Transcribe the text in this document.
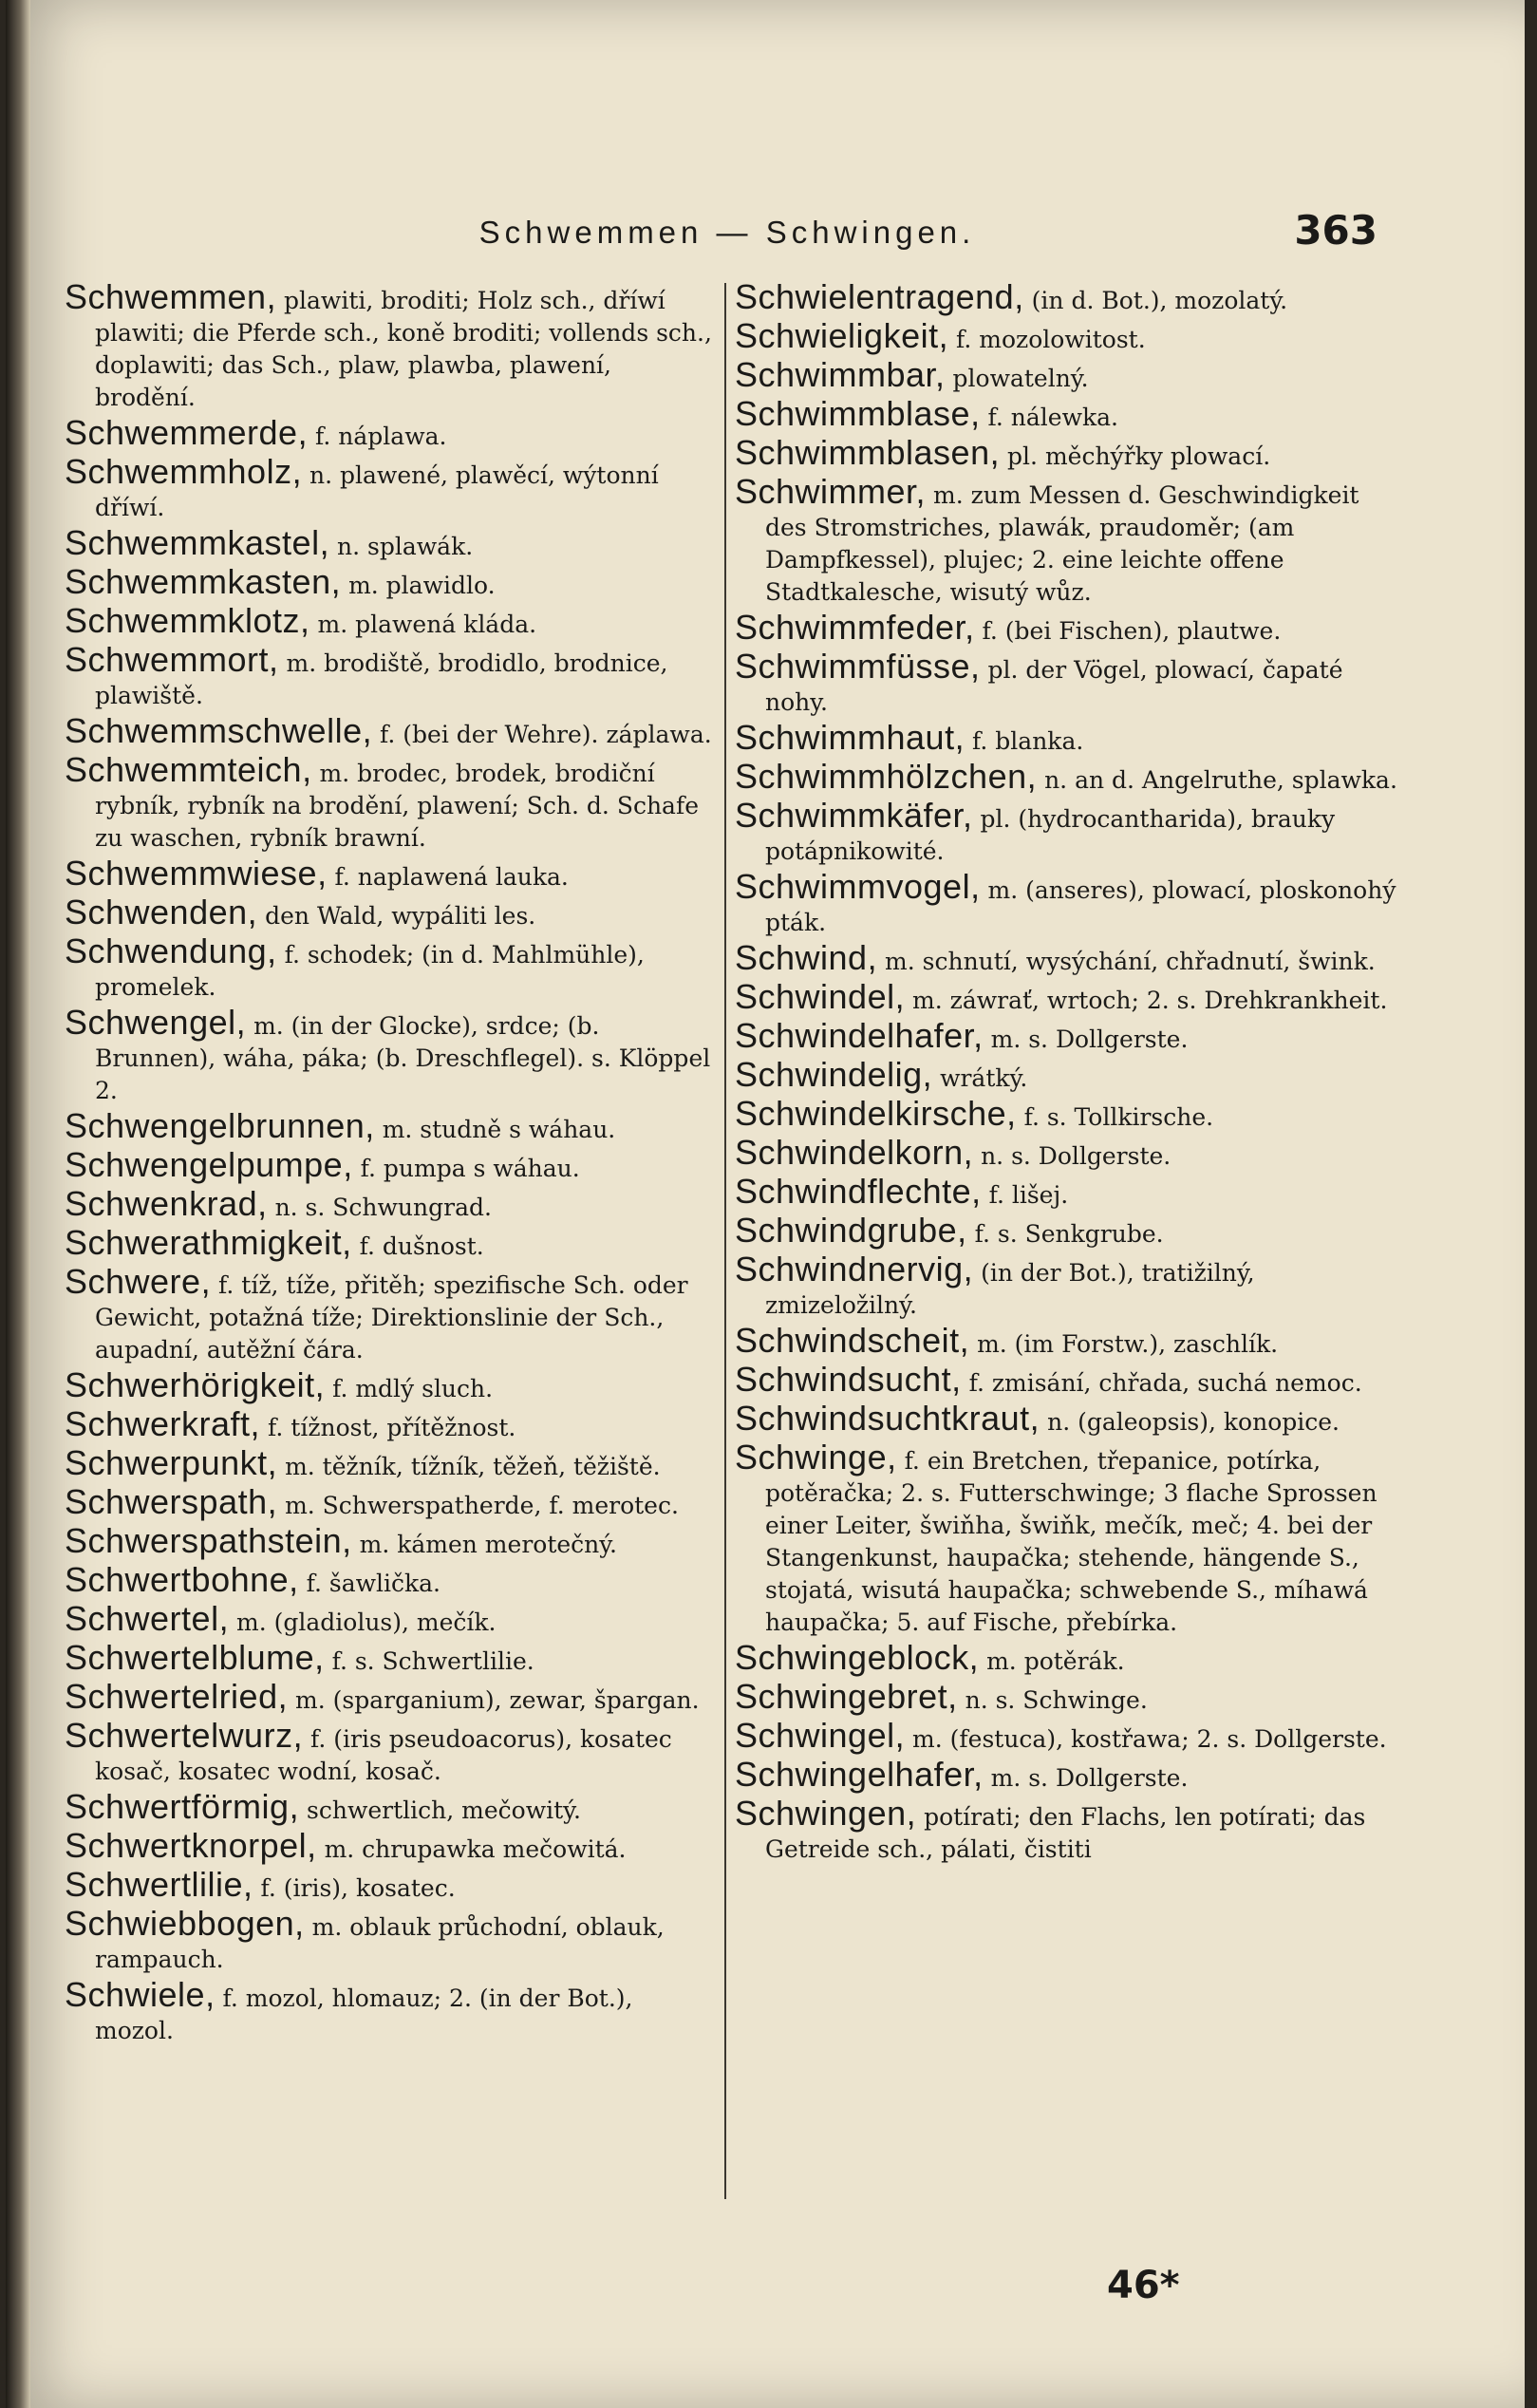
Schwemmen — Schwingen.	363
Schwemmen, plawiti, broditi; Holz sch., dříwí plawiti; die Pferde sch., koně broditi; vollends sch., doplawiti; das Sch., plaw, plawba, plawení, brodění.
Schwemmerde, f. náplawa.
Schwemmholz, n. plawené, plawěcí, wýtonní dříwí.
Schwemmkastel, n. splawák.
Schwemmkasten, m. plawidlo.
Schwemmklotz, m. plawená kláda.
Schwemmort, m. brodiště, brodidlo, brodnice, plawiště.
Schwemmschwelle, f. (bei der Wehre). záplawa.
Schwemmteich, m. brodec, brodek, brodiční rybník, rybník na brodění, plawení; Sch. d. Schafe zu waschen, rybník brawní.
Schwemmwiese, f. naplawená lauka.
Schwenden, den Wald, wypáliti les.
Schwendung, f. schodek; (in d. Mahlmühle), promelek.
Schwengel, m. (in der Glocke), srdce; (b. Brunnen), wáha, páka; (b. Dreschflegel). s. Klöppel 2.
Schwengelbrunnen, m. studně s wáhau.
Schwengelpumpe, f. pumpa s wáhau.
Schwenkrad, n. s. Schwungrad.
Schwerathmigkeit, f. dušnost.
Schwere, f. tíž, tíže, přitěh; spezifische Sch. oder Gewicht, potažná tíže; Direktionslinie der Sch., aupadní, autěžní čára.
Schwerhörigkeit, f. mdlý sluch.
Schwerkraft, f. tížnost, přítěžnost.
Schwerpunkt, m. těžník, tížník, těžeň, těžiště.
Schwerspath, m. Schwerspatherde, f. merotec.
Schwerspathstein, m. kámen merotečný.
Schwertbohne, f. šawlička.
Schwertel, m. (gladiolus), mečík.
Schwertelblume, f. s. Schwertlilie.
Schwertelried, m. (sparganium), zewar, špargan.
Schwertelwurz, f. (iris pseudoacorus), kosatec kosač, kosatec wodní, kosač.
Schwertförmig, schwertlich, mečowitý.
Schwertknorpel, m. chrupawka mečowitá.
Schwertlilie, f. (iris), kosatec.
Schwiebbogen, m. oblauk průchodní, oblauk, rampauch.
Schwiele, f. mozol, hlomauz; 2. (in der Bot.), mozol.
Schwielentragend, (in d. Bot.), mozolatý.
Schwieligkeit, f. mozolowitost.
Schwimmbar, plowatelný.
Schwimmblase, f. nálewka.
Schwimmblasen, pl. měchýřky plowací.
Schwimmer, m. zum Messen d. Geschwindigkeit des Stromstriches, plawák, praudoměr; (am Dampfkessel), plujec; 2. eine leichte offene Stadtkalesche, wisutý wůz.
Schwimmfeder, f. (bei Fischen), plautwe.
Schwimmfüsse, pl. der Vögel, plowací, čapaté nohy.
Schwimmhaut, f. blanka.
Schwimmhölzchen, n. an d. Angelruthe, splawka.
Schwimmkäfer, pl. (hydrocantharida), brauky potápnikowité.
Schwimmvogel, m. (anseres), plowací, ploskonohý pták.
Schwind, m. schnutí, wysýchání, chřadnutí, šwink.
Schwindel, m. záwrať, wrtoch; 2. s. Drehkrankheit.
Schwindelhafer, m. s. Dollgerste.
Schwindelig, wrátký.
Schwindelkirsche, f. s. Tollkirsche.
Schwindelkorn, n. s. Dollgerste.
Schwindflechte, f. lišej.
Schwindgrube, f. s. Senkgrube.
Schwindnervig, (in der Bot.), tratižilný, zmizeložilný.
Schwindscheit, m. (im Forstw.), zaschlík.
Schwindsucht, f. zmisání, chřada, suchá nemoc.
Schwindsuchtkraut, n. (galeopsis), konopice.
Schwinge, f. ein Bretchen, třepanice, potírka, potěračka; 2. s. Futterschwinge; 3 flache Sprossen einer Leiter, šwiňha, šwiňk, mečík, meč; 4. bei der Stangenkunst, haupačka; stehende, hängende S., stojatá, wisutá haupačka; schwebende S., míhawá haupačka; 5. auf Fische, přebírka.
Schwingeblock, m. potěrák.
Schwingebret, n. s. Schwinge.
Schwingel, m. (festuca), kostřawa; 2. s. Dollgerste.
Schwingelhafer, m. s. Dollgerste.
Schwingen, potírati; den Flachs, len potírati; das Getreide sch., pálati, čistiti
46*
